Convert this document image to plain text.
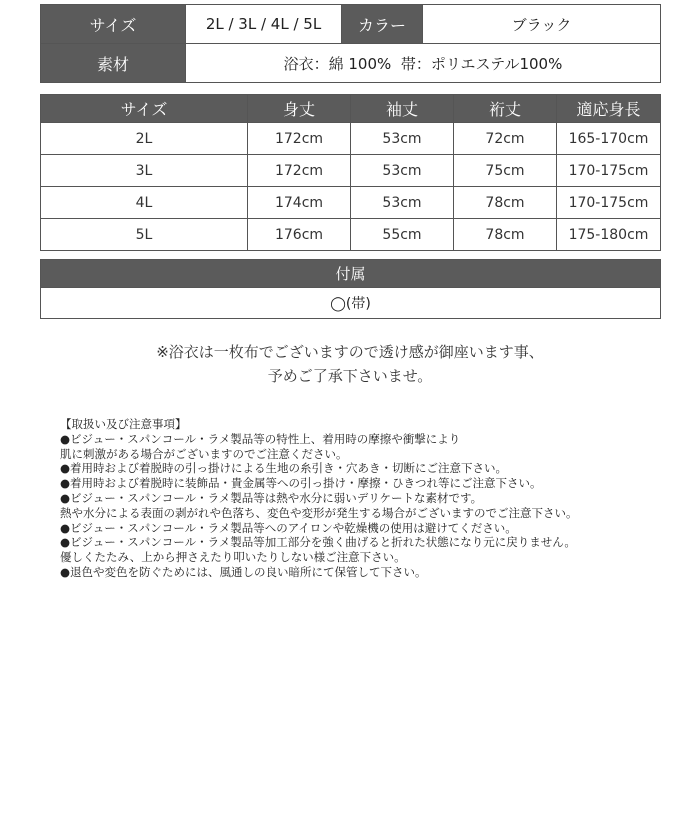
サイズ	2L / 3L / 4L / 5L	カラー	ブラック
素材	浴衣：綿 100%  帯：ポリエステル100%		
サイズ	身丈	袖丈	裄丈	適応身長
2L	172cm	53cm	72cm	165-170cm
3L	172cm	53cm	75cm	170-175cm
4L	174cm	53cm	78cm	170-175cm
5L	176cm	55cm	78cm	175-180cm
付属
◯(帯)
※浴衣は一枚布でございますので透け感が御座います事、
予めご了承下さいませ。
【取扱い及び注意事項】
●ビジュー・スパンコール・ラメ製品等の特性上、着用時の摩擦や衝撃により
肌に刺激がある場合がございますのでご注意ください。
●着用時および着脱時の引っ掛けによる生地の糸引き・穴あき・切断にご注意下さい。
●着用時および着脱時に装飾品・貴金属等への引っ掛け・摩擦・ひきつれ等にご注意下さい。
●ビジュー・スパンコール・ラメ製品等は熱や水分に弱いデリケートな素材です。
熱や水分による表面の剥がれや色落ち、変色や変形が発生する場合がございますのでご注意下さい。
●ビジュー・スパンコール・ラメ製品等へのアイロンや乾燥機の使用は避けてください。
●ビジュー・スパンコール・ラメ製品等加工部分を強く曲げると折れた状態になり元に戻りません。
優しくたたみ、上から押さえたり叩いたりしない様ご注意下さい。
●退色や変色を防ぐためには、風通しの良い暗所にて保管して下さい。
